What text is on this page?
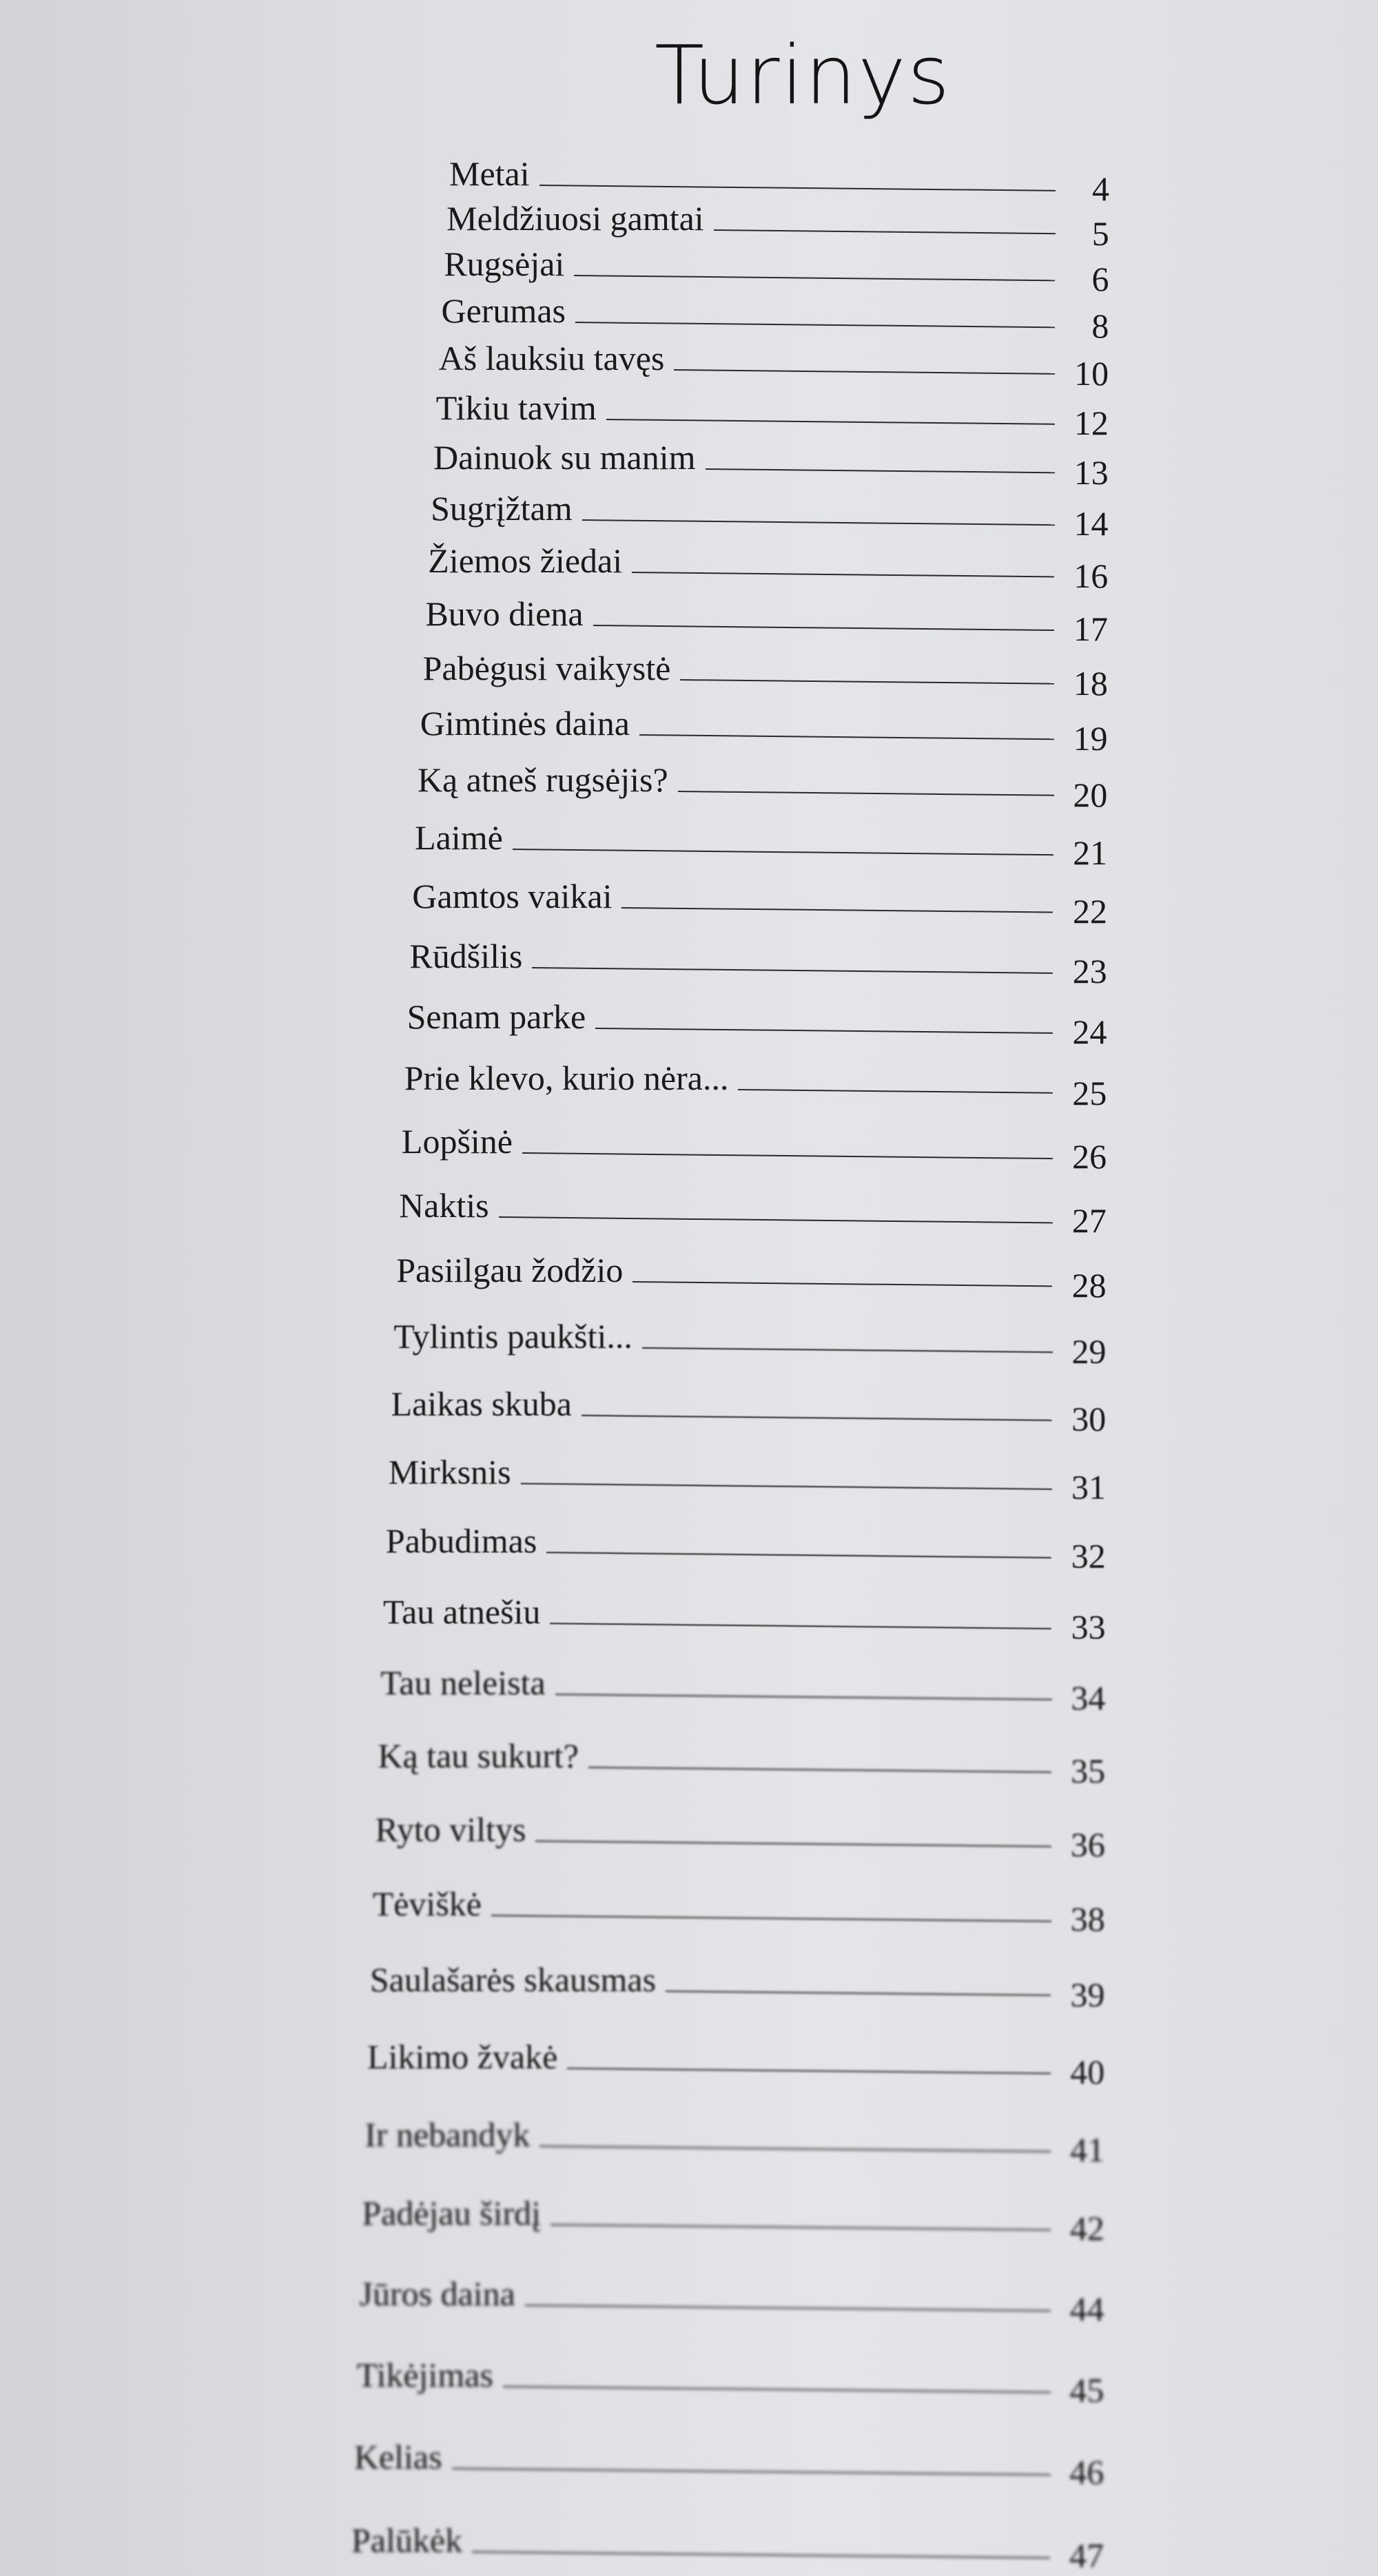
Turinys
Metai	4
Meldžiuosi gamtai	5
Rugsėjai	6
Gerumas	8
Aš lauksiu tavęs	10
Tikiu tavim	12
Dainuok su manim	13
Sugrįžtam	14
Žiemos žiedai	16
Buvo diena	17
Pabėgusi vaikystė	18
Gimtinės daina	19
Ką atneš rugsėjis?	20
Laimė	21
Gamtos vaikai	22
Rūdšilis	23
Senam parke	24
Prie klevo, kurio nėra...	25
Lopšinė	26
Naktis	27
Pasiilgau žodžio	28
Tylintis paukšti...	29
Laikas skuba	30
Mirksnis	31
Pabudimas	32
Tau atnešiu	33
Tau neleista	34
Ką tau sukurt?	35
Ryto viltys	36
Tėviškė	38
Saulašarės skausmas	39
Likimo žvakė	40
Ir nebandyk	41
Padėjau širdį	42
Jūros daina	44
Tikėjimas	45
Kelias	46
Palūkėk	47
